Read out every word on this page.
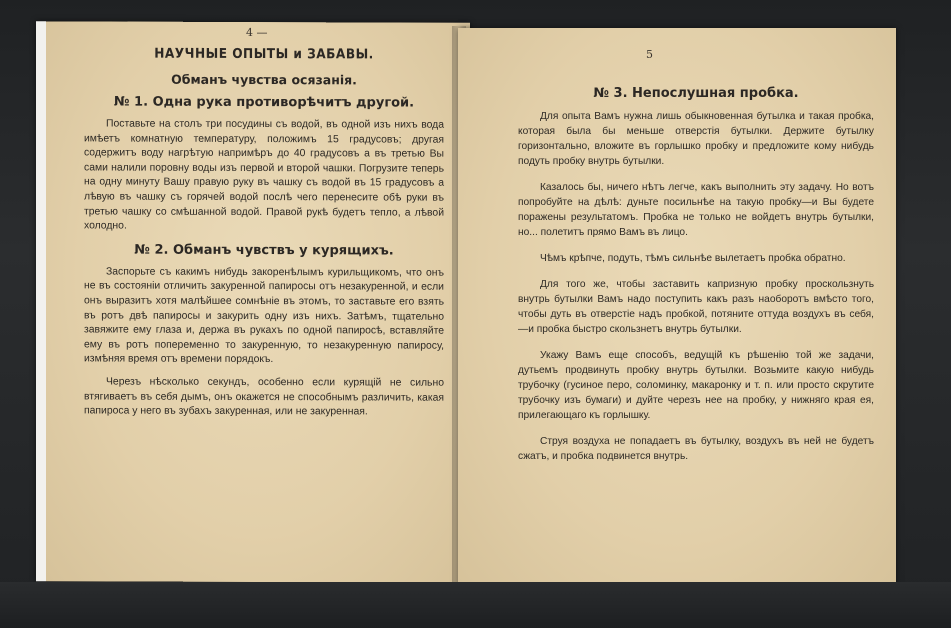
4 —
НАУЧНЫЕ ОПЫТЫ и ЗАБАВЫ.
Обманъ чувства осязанія.
№ 1. Одна рука противорѣчитъ другой.

Поставьте на столъ три посудины съ водой, въ одной изъ нихъ вода имѣетъ комнатную температуру, положимъ 15 градусовъ; другая содержитъ воду нагрѣтую напримѣръ до 40 градусовъ а въ третью Вы сами налили поровну воды изъ первой и второй чашки. Погрузите теперь на одну минуту Вашу правую руку въ чашку съ водой въ 15 градусовъ а лѣвую въ чашку съ горячей водой послѣ чего перенесите обѣ руки въ третью чашку со смѣшанной водой. Правой рукѣ будетъ тепло, а лѣвой холодно.

№ 2. Обманъ чувствъ у курящихъ.

Заспорьте съ какимъ нибудь закоренѣлымъ курильщикомъ, что онъ не въ состояніи отличить закуренной папиросы отъ незакуренной, и если онъ выразитъ хотя малѣйшее сомнѣніе въ этомъ, то заставьте его взять въ ротъ двѣ папиросы и закурить одну изъ нихъ. Затѣмъ, тщательно завяжите ему глаза и, держа въ рукахъ по одной папиросѣ, вставляйте ему въ ротъ попеременно то закуренную, то незакуренную папиросу, измѣняя время отъ времени порядокъ.

Черезъ нѣсколько секундъ, особенно если курящій не сильно втягиваетъ въ себя дымъ, онъ окажется не способнымъ различить, какая папироса у него въ зубахъ закуренная, или не закуренная.

5
№ 3. Непослушная пробка.

Для опыта Вамъ нужна лишь обыкновенная бутылка и такая пробка, которая была бы меньше отверстія бутылки. Держите бутылку горизонтально, вложите въ горлышко пробку и предложите кому нибудь подуть пробку внутрь бутылки.

Казалось бы, ничего нѣтъ легче, какъ выполнить эту задачу. Но вотъ попробуйте на дѣлѣ: дуньте посильнѣе на такую пробку—и Вы будете поражены результатомъ. Пробка не только не войдетъ внутрь бутылки, но... полетитъ прямо Вамъ въ лицо.

Чѣмъ крѣпче, подуть, тѣмъ сильнѣе вылетаетъ пробка обратно.

Для того же, чтобы заставить капризную пробку проскользнуть внутрь бутылки Вамъ надо поступить какъ разъ наоборотъ вмѣсто того, чтобы дуть въ отверстіе надъ пробкой, потяните оттуда воздухъ въ себя,—и пробка быстро скользнетъ внутрь бутылки.

Укажу Вамъ еще способъ, ведущій къ рѣшенію той же задачи, дутьемъ продвинуть пробку внутрь бутылки. Возьмите какую нибудь трубочку (гусиное перо, соломинку, макаронку и т. п. или просто скрутите трубочку изъ бумаги) и дуйте черезъ нее на пробку, у нижняго края ея, прилегающаго къ горлышку.

Струя воздуха не попадаетъ въ бутылку, воздухъ въ ней не будетъ сжатъ, и пробка подвинется внутрь.
